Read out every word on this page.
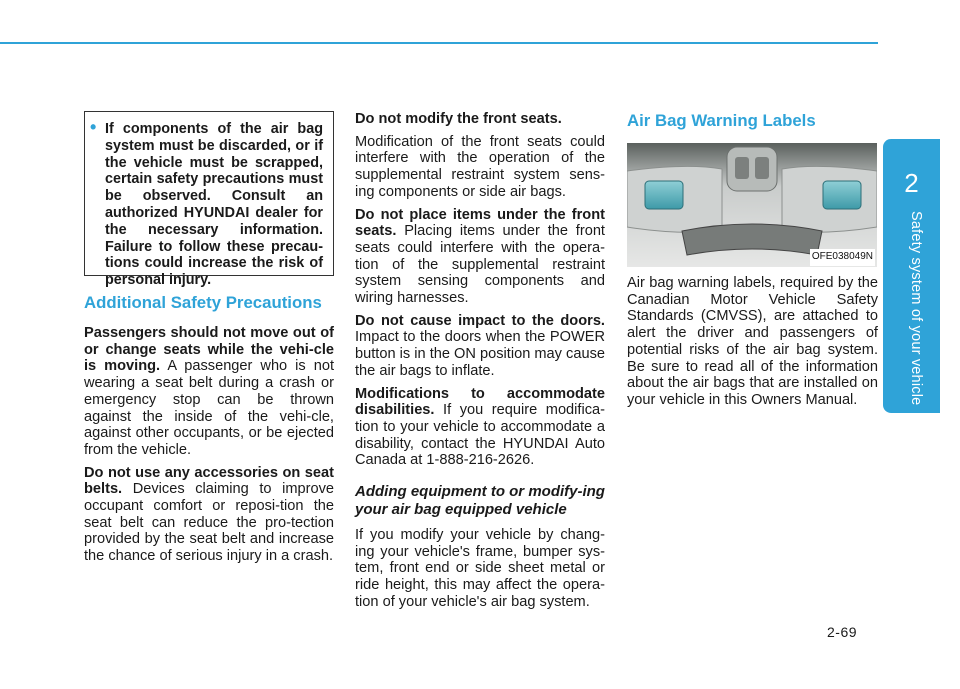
2
Safety system of your vehicle
• If components of the air bag system must be discarded, or if the vehicle must be scrapped, certain safety precautions must be observed. Consult an authorized HYUNDAI dealer for the necessary information. Failure to follow these precau-tions could increase the risk of personal injury.
Additional Safety Precautions

Passengers should not move out of or change seats while the vehi-cle is moving. A passenger who is not wearing a seat belt during a crash or emergency stop can be thrown against the inside of the vehi-cle, against other occupants, or be ejected from the vehicle.

Do not use any accessories on seat belts. Devices claiming to improve occupant comfort or reposi-tion the seat belt can reduce the pro-tection provided by the seat belt and increase the chance of serious injury in a crash.

Do not modify the front seats.
Modification of the front seats could interfere with the operation of the supplemental restraint system sens-ing components or side air bags.

Do not place items under the front seats. Placing items under the front seats could interfere with the opera-tion of the supplemental restraint system sensing components and wiring harnesses.

Do not cause impact to the doors. Impact to the doors when the POWER button is in the ON position may cause the air bags to inflate.

Modifications to accommodate disabilities. If you require modifica-tion to your vehicle to accommodate a disability, contact the HYUNDAI Auto Canada at 1-888-216-2626.

Adding equipment to or modify-ing your air bag equipped vehicle

If you modify your vehicle by chang-ing your vehicle's frame, bumper sys-tem, front end or side sheet metal or ride height, this may affect the opera-tion of your vehicle's air bag system.

Air Bag Warning Labels
OFE038049N

Air bag warning labels, required by the Canadian Motor Vehicle Safety Standards (CMVSS), are attached to alert the driver and passengers of potential risks of the air bag system. Be sure to read all of the information about the air bags that are installed on your vehicle in this Owners Manual.

2-69
